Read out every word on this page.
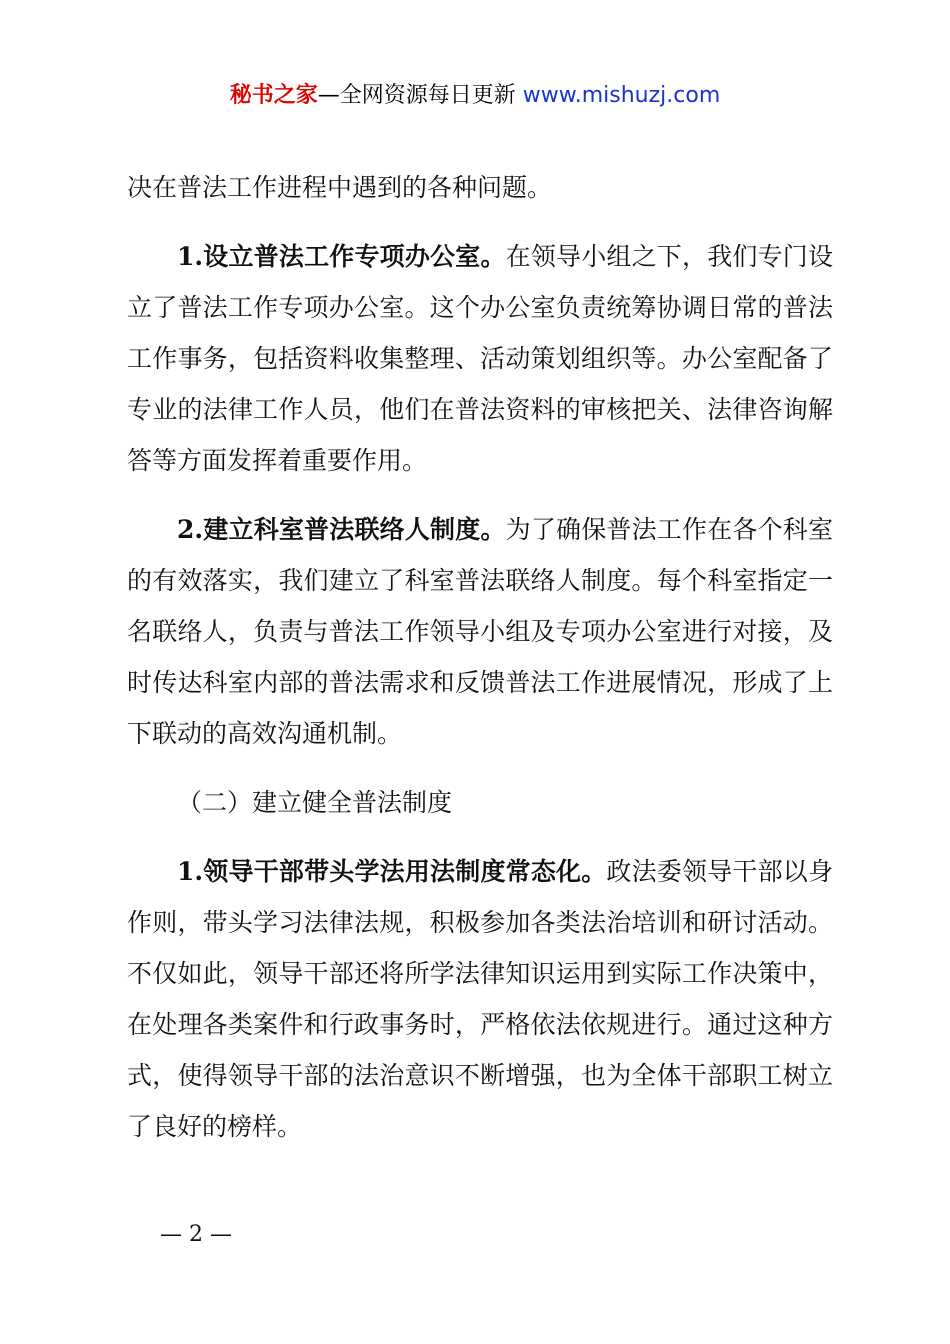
秘书之家—全网资源每日更新 www.mishuzj.com

决在普法工作进程中遇到的各种问题。

1.设立普法工作专项办公室。在领导小组之下，我们专门设立了普法工作专项办公室。这个办公室负责统筹协调日常的普法工作事务，包括资料收集整理、活动策划组织等。办公室配备了专业的法律工作人员，他们在普法资料的审核把关、法律咨询解答等方面发挥着重要作用。

2.建立科室普法联络人制度。为了确保普法工作在各个科室的有效落实，我们建立了科室普法联络人制度。每个科室指定一名联络人，负责与普法工作领导小组及专项办公室进行对接，及时传达科室内部的普法需求和反馈普法工作进展情况，形成了上下联动的高效沟通机制。

（二）建立健全普法制度

1.领导干部带头学法用法制度常态化。政法委领导干部以身作则，带头学习法律法规，积极参加各类法治培训和研讨活动。不仅如此，领导干部还将所学法律知识运用到实际工作决策中，在处理各类案件和行政事务时，严格依法依规进行。通过这种方式，使得领导干部的法治意识不断增强，也为全体干部职工树立了良好的榜样。

— 2 —
